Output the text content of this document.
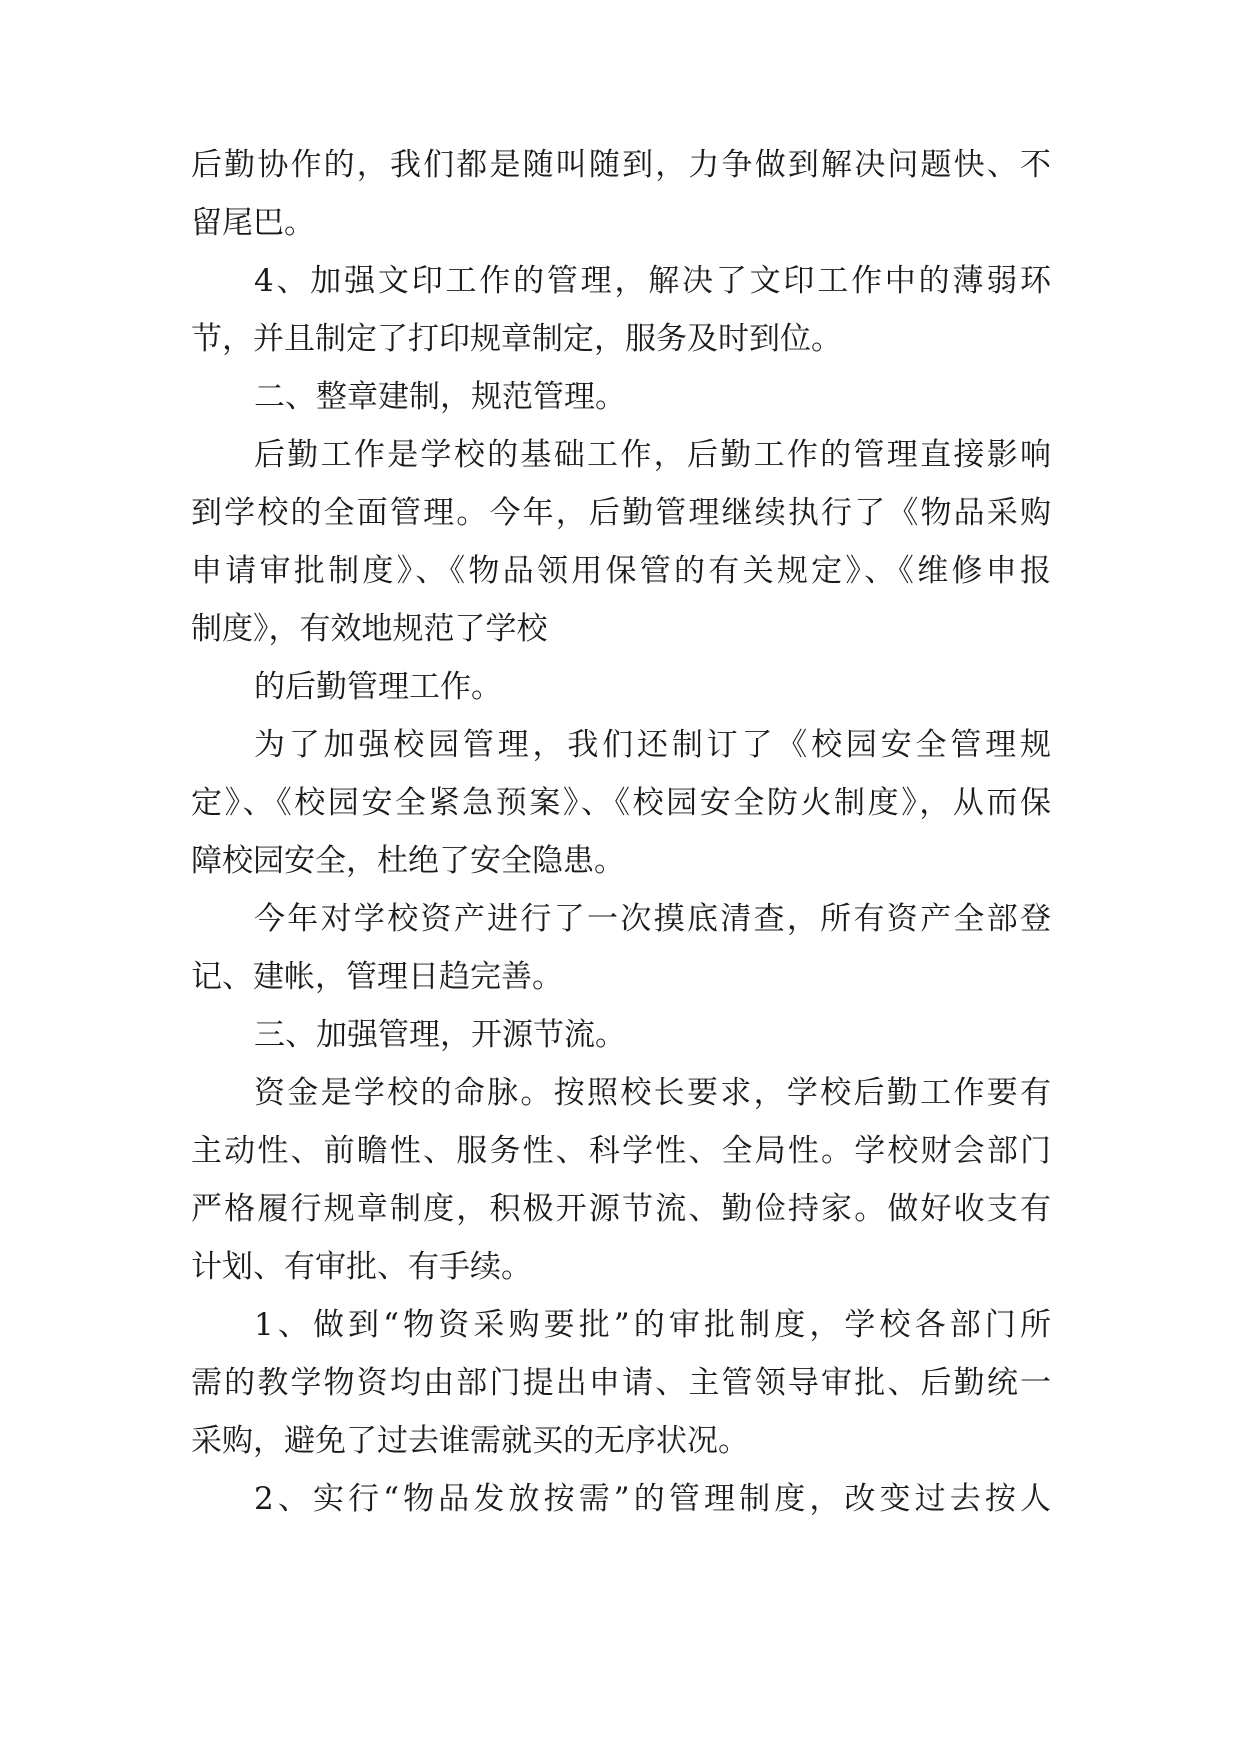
后勤协作的，我们都是随叫随到，力争做到解决问题快、不
留尾巴。
4、加强文印工作的管理，解决了文印工作中的薄弱环
节，并且制定了打印规章制定，服务及时到位。
二、整章建制，规范管理。
后勤工作是学校的基础工作，后勤工作的管理直接影响
到学校的全面管理。今年，后勤管理继续执行了《物品采购
申请审批制度》、《物品领用保管的有关规定》、《维修申报
制度》，有效地规范了学校
的后勤管理工作。
为了加强校园管理，我们还制订了《校园安全管理规
定》、《校园安全紧急预案》、《校园安全防火制度》，从而保
障校园安全，杜绝了安全隐患。
今年对学校资产进行了一次摸底清查，所有资产全部登
记、建帐，管理日趋完善。
三、加强管理，开源节流。
资金是学校的命脉。按照校长要求，学校后勤工作要有
主动性、前瞻性、服务性、科学性、全局性。学校财会部门
严格履行规章制度，积极开源节流、勤俭持家。做好收支有
计划、有审批、有手续。
1、做到“物资采购要批”的审批制度，学校各部门所
需的教学物资均由部门提出申请、主管领导审批、后勤统一
采购，避免了过去谁需就买的无序状况。
2、实行“物品发放按需”的管理制度，改变过去按人
